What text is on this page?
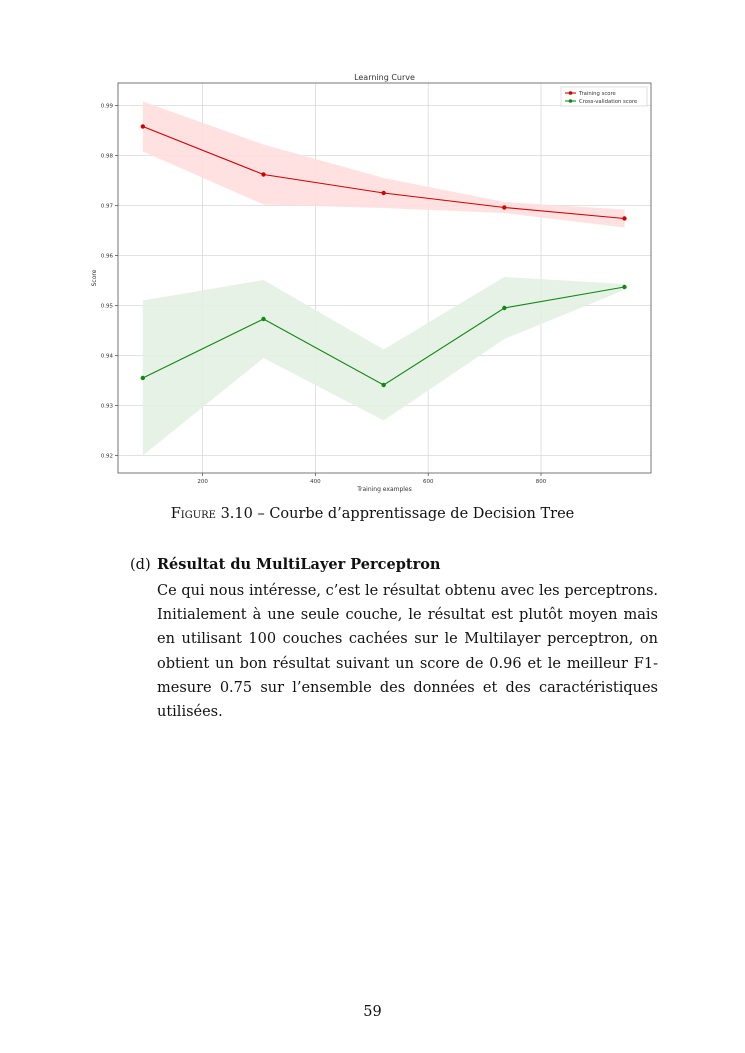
200	400	600	800
0.92
0.93
0.94
0.95
0.96
0.97
0.98
0.99
Learning Curve
Training examples
Score
Training score
Cross-validation score
Figure 3.10 – Courbe d’apprentissage de Decision Tree
(d) Résultat du MultiLayer Perceptron

Ce qui nous intéresse, c’est le résultat obtenu avec les perceptrons. Initialement à une seule couche, le résultat est plutôt moyen mais en utilisant 100 couches cachées sur le Multilayer perceptron, on obtient un bon résultat suivant un score de 0.96 et le meilleur F1-mesure 0.75 sur l’ensemble des données et des caractéristiques utilisées.

59
